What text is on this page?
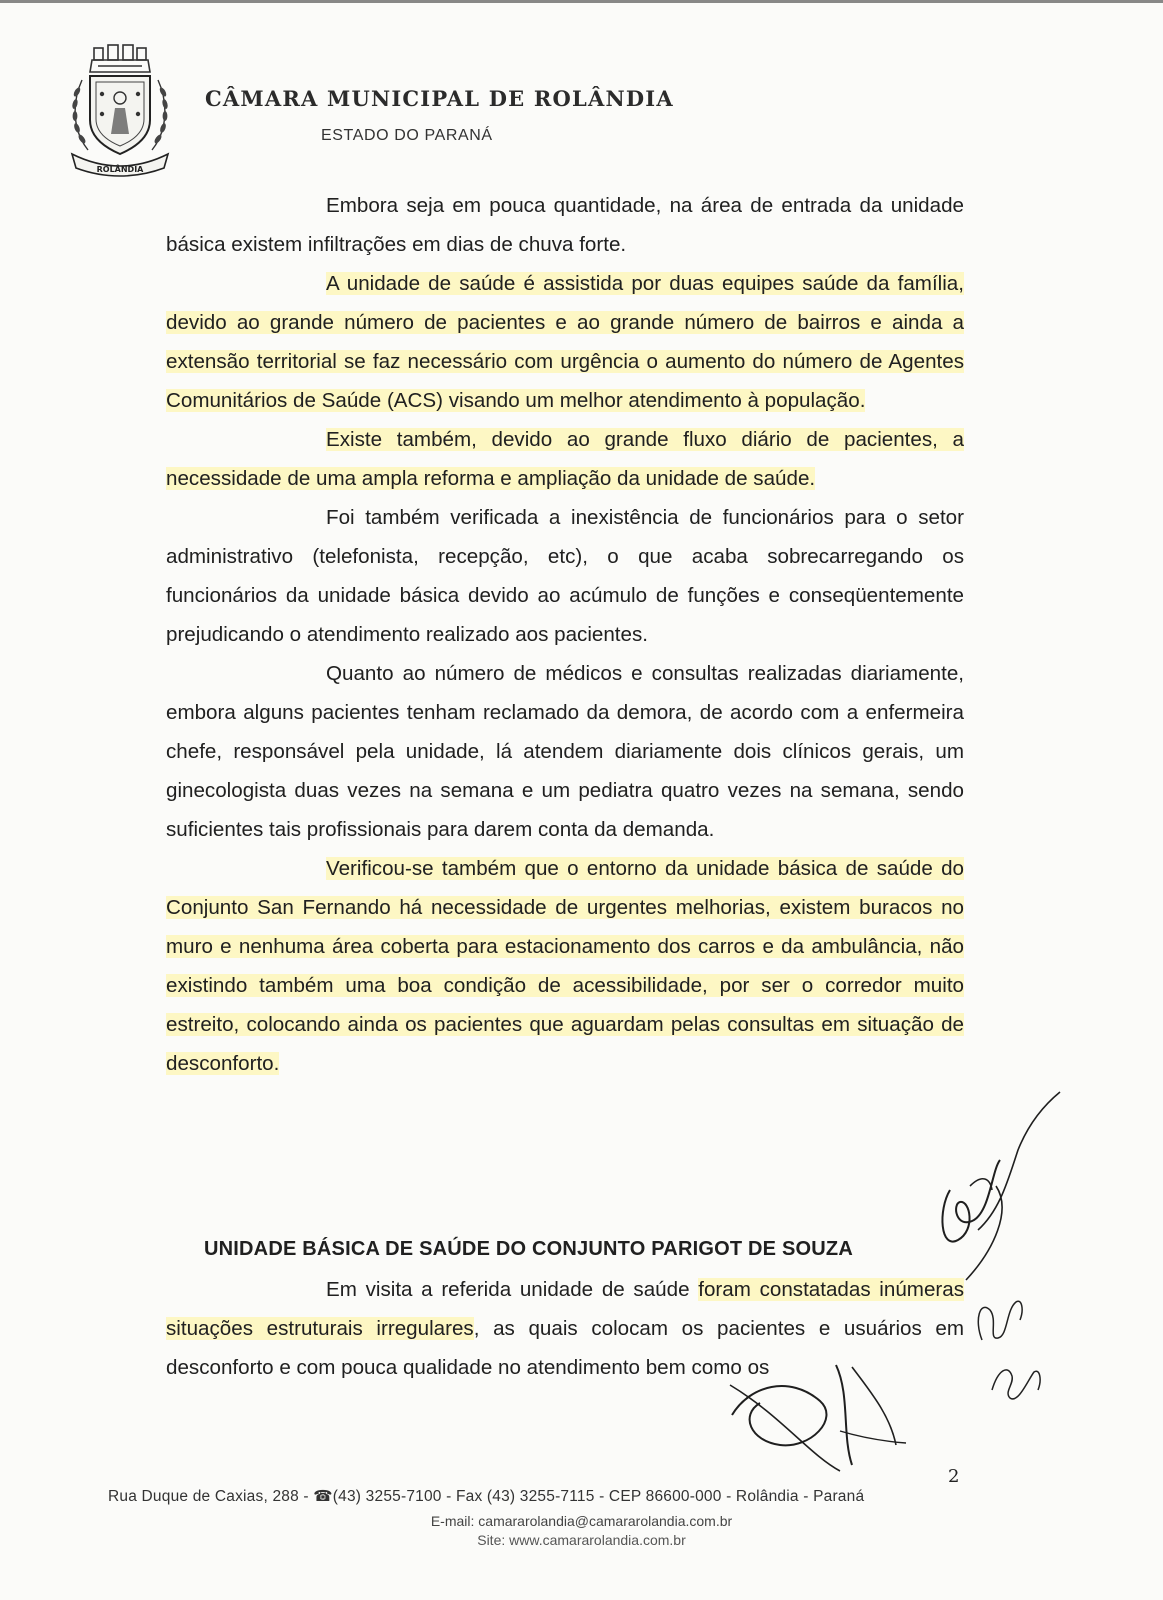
ROLÂNDIA
CÂMARA MUNICIPAL DE ROLÂNDIA
ESTADO DO PARANÁ

Embora seja em pouca quantidade, na área de entrada da unidade básica existem infiltrações em dias de chuva forte.

A unidade de saúde é assistida por duas equipes saúde da família, devido ao grande número de pacientes e ao grande número de bairros e ainda a extensão territorial se faz necessário com urgência o aumento do número de Agentes Comunitários de Saúde (ACS) visando um melhor atendimento à população.

Existe também, devido ao grande fluxo diário de pacientes, a necessidade de uma ampla reforma e ampliação da unidade de saúde.

Foi também verificada a inexistência de funcionários para o setor administrativo (telefonista, recepção, etc), o que acaba sobrecarregando os funcionários da unidade básica devido ao acúmulo de funções e conseqüentemente prejudicando o atendimento realizado aos pacientes.

Quanto ao número de médicos e consultas realizadas diariamente, embora alguns pacientes tenham reclamado da demora, de acordo com a enfermeira chefe, responsável pela unidade, lá atendem diariamente dois clínicos gerais, um ginecologista duas vezes na semana e um pediatra quatro vezes na semana, sendo suficientes tais profissionais para darem conta da demanda.

Verificou-se também que o entorno da unidade básica de saúde do Conjunto San Fernando há necessidade de urgentes melhorias, existem buracos no muro e nenhuma área coberta para estacionamento dos carros e da ambulância, não existindo também uma boa condição de acessibilidade, por ser o corredor muito estreito, colocando ainda os pacientes que aguardam pelas consultas em situação de desconforto.

UNIDADE BÁSICA DE SAÚDE DO CONJUNTO PARIGOT DE SOUZA

Em visita a referida unidade de saúde foram constatadas inúmeras situações estruturais irregulares, as quais colocam os pacientes e usuários em desconforto e com pouca qualidade no atendimento bem como os

2
Rua Duque de Caxias, 288 - ☎(43) 3255-7100 - Fax (43) 3255-7115 - CEP 86600-000 - Rolândia - Paraná
E-mail: camararolandia@camararolandia.com.br
Site: www.camararolandia.com.br
